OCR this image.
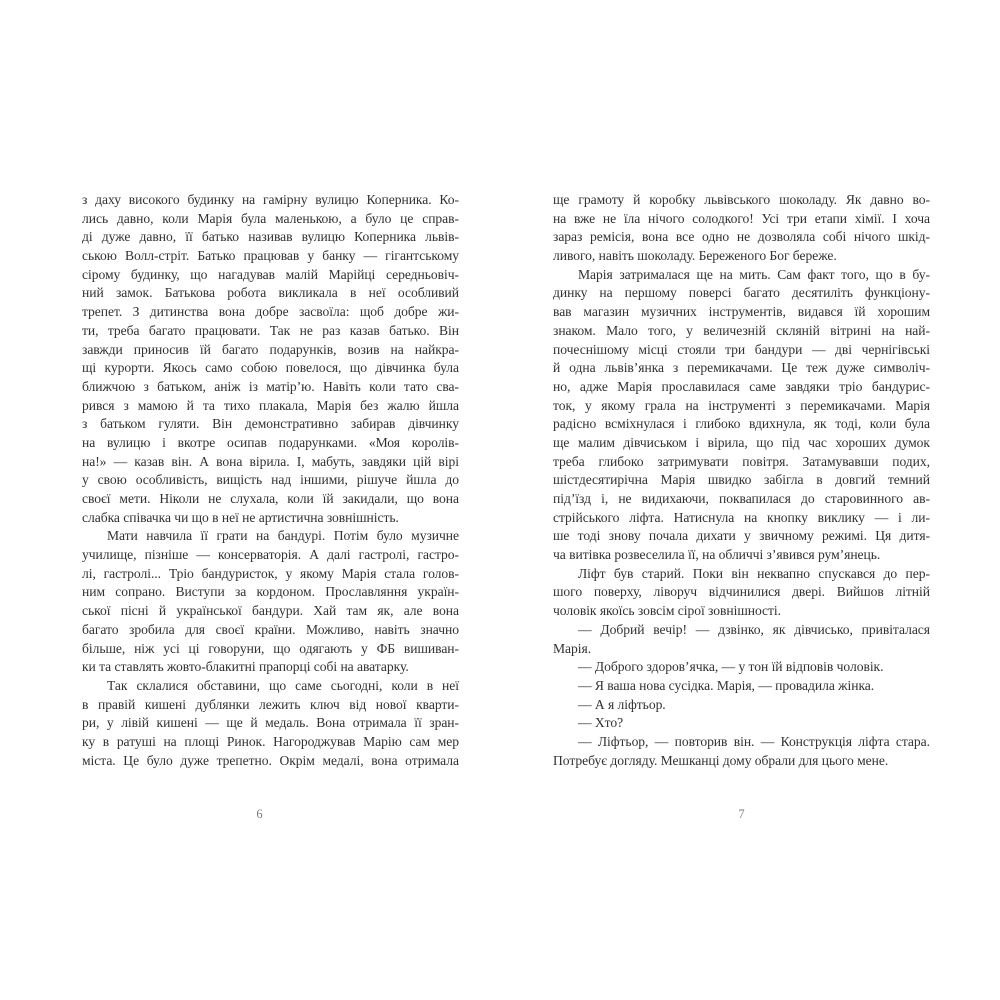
з даху високого будинку на гамірну вулицю Коперника. Ко-
лись давно, коли Марія була маленькою, а було це справ-
ді дуже давно, її батько називав вулицю Коперника львів-
ською Волл-стріт. Батько працював у банку — гігантському
сірому будинку, що нагадував малій Марійці середньовіч-
ний замок. Батькова робота викликала в неї особливий
трепет. З дитинства вона добре засвоїла: щоб добре жи-
ти, треба багато працювати. Так не раз казав батько. Він
завжди приносив їй багато подарунків, возив на найкра-
щі курорти. Якось само собою повелося, що дівчинка була
ближчою з батьком, аніж із матір’ю. Навіть коли тато сва-
рився з мамою й та тихо плакала, Марія без жалю йшла
з батьком гуляти. Він демонстративно забирав дівчинку
на вулицю і вкотре осипав подарунками. «Моя королів-
на!» — казав він. А вона вірила. І, мабуть, завдяки цій вірі
у свою особливість, вищість над іншими, рішуче йшла до
своєї мети. Ніколи не слухала, коли їй закидали, що вона
слабка співачка чи що в неї не артистична зовнішність.
Мати навчила її грати на бандурі. Потім було музичне
училище, пізніше — консерваторія. А далі гастролі, гастро-
лі, гастролі... Тріо бандуристок, у якому Марія стала голов-
ним сопрано. Виступи за кордоном. Прославляння україн-
ської пісні й української бандури. Хай там як, але вона
багато зробила для своєї країни. Можливо, навіть значно
більше, ніж усі ці говоруни, що одягають у ФБ вишиван-
ки та ставлять жовто-блакитні прапорці собі на аватарку.
Так склалися обставини, що саме сьогодні, коли в неї
в правій кишені дублянки лежить ключ від нової кварти-
ри, у лівій кишені — ще й медаль. Вона отримала її зран-
ку в ратуші на площі Ринок. Нагороджував Марію сам мер
міста. Це було дуже трепетно. Окрім медалі, вона отримала
6
ще грамоту й коробку львівського шоколаду. Як давно во-
на вже не їла нічого солодкого! Усі три етапи хімії. І хоча
зараз ремісія, вона все одно не дозволяла собі нічого шкід-
ливого, навіть шоколаду. Береженого Бог береже.
Марія затрималася ще на мить. Сам факт того, що в бу-
динку на першому поверсі багато десятиліть функціону-
вав магазин музичних інструментів, видався їй хорошим
знаком. Мало того, у величезній скляній вітрині на най-
почеснішому місці стояли три бандури — дві чернігівські
й одна львів’янка з перемикачами. Це теж дуже символіч-
но, адже Марія прославилася саме завдяки тріо бандурис-
ток, у якому грала на інструменті з перемикачами. Марія
радісно всміхнулася і глибоко вдихнула, як тоді, коли була
ще малим дівчиськом і вірила, що під час хороших думок
треба глибоко затримувати повітря. Затамувавши подих,
шістдесятирічна Марія швидко забігла в довгий темний
під’їзд і, не видихаючи, поквапилася до старовинного ав-
стрійського ліфта. Натиснула на кнопку виклику — і ли-
ше тоді знову почала дихати у звичному режимі. Ця дитя-
ча витівка розвеселила її, на обличчі з’явився рум’янець.
Ліфт був старий. Поки він неквапно спускався до пер-
шого поверху, ліворуч відчинилися двері. Вийшов літній
чоловік якоїсь зовсім сірої зовнішності.
— Добрий вечір! — дзвінко, як дівчисько, привіталася
Марія.
— Доброго здоров’ячка, — у тон їй відповів чоловік.
— Я ваша нова сусідка. Марія, — провадила жінка.
— А я ліфтьор.
— Хто?
— Ліфтьор, — повторив він. — Конструкція ліфта стара.
Потребує догляду. Мешканці дому обрали для цього мене.
7
